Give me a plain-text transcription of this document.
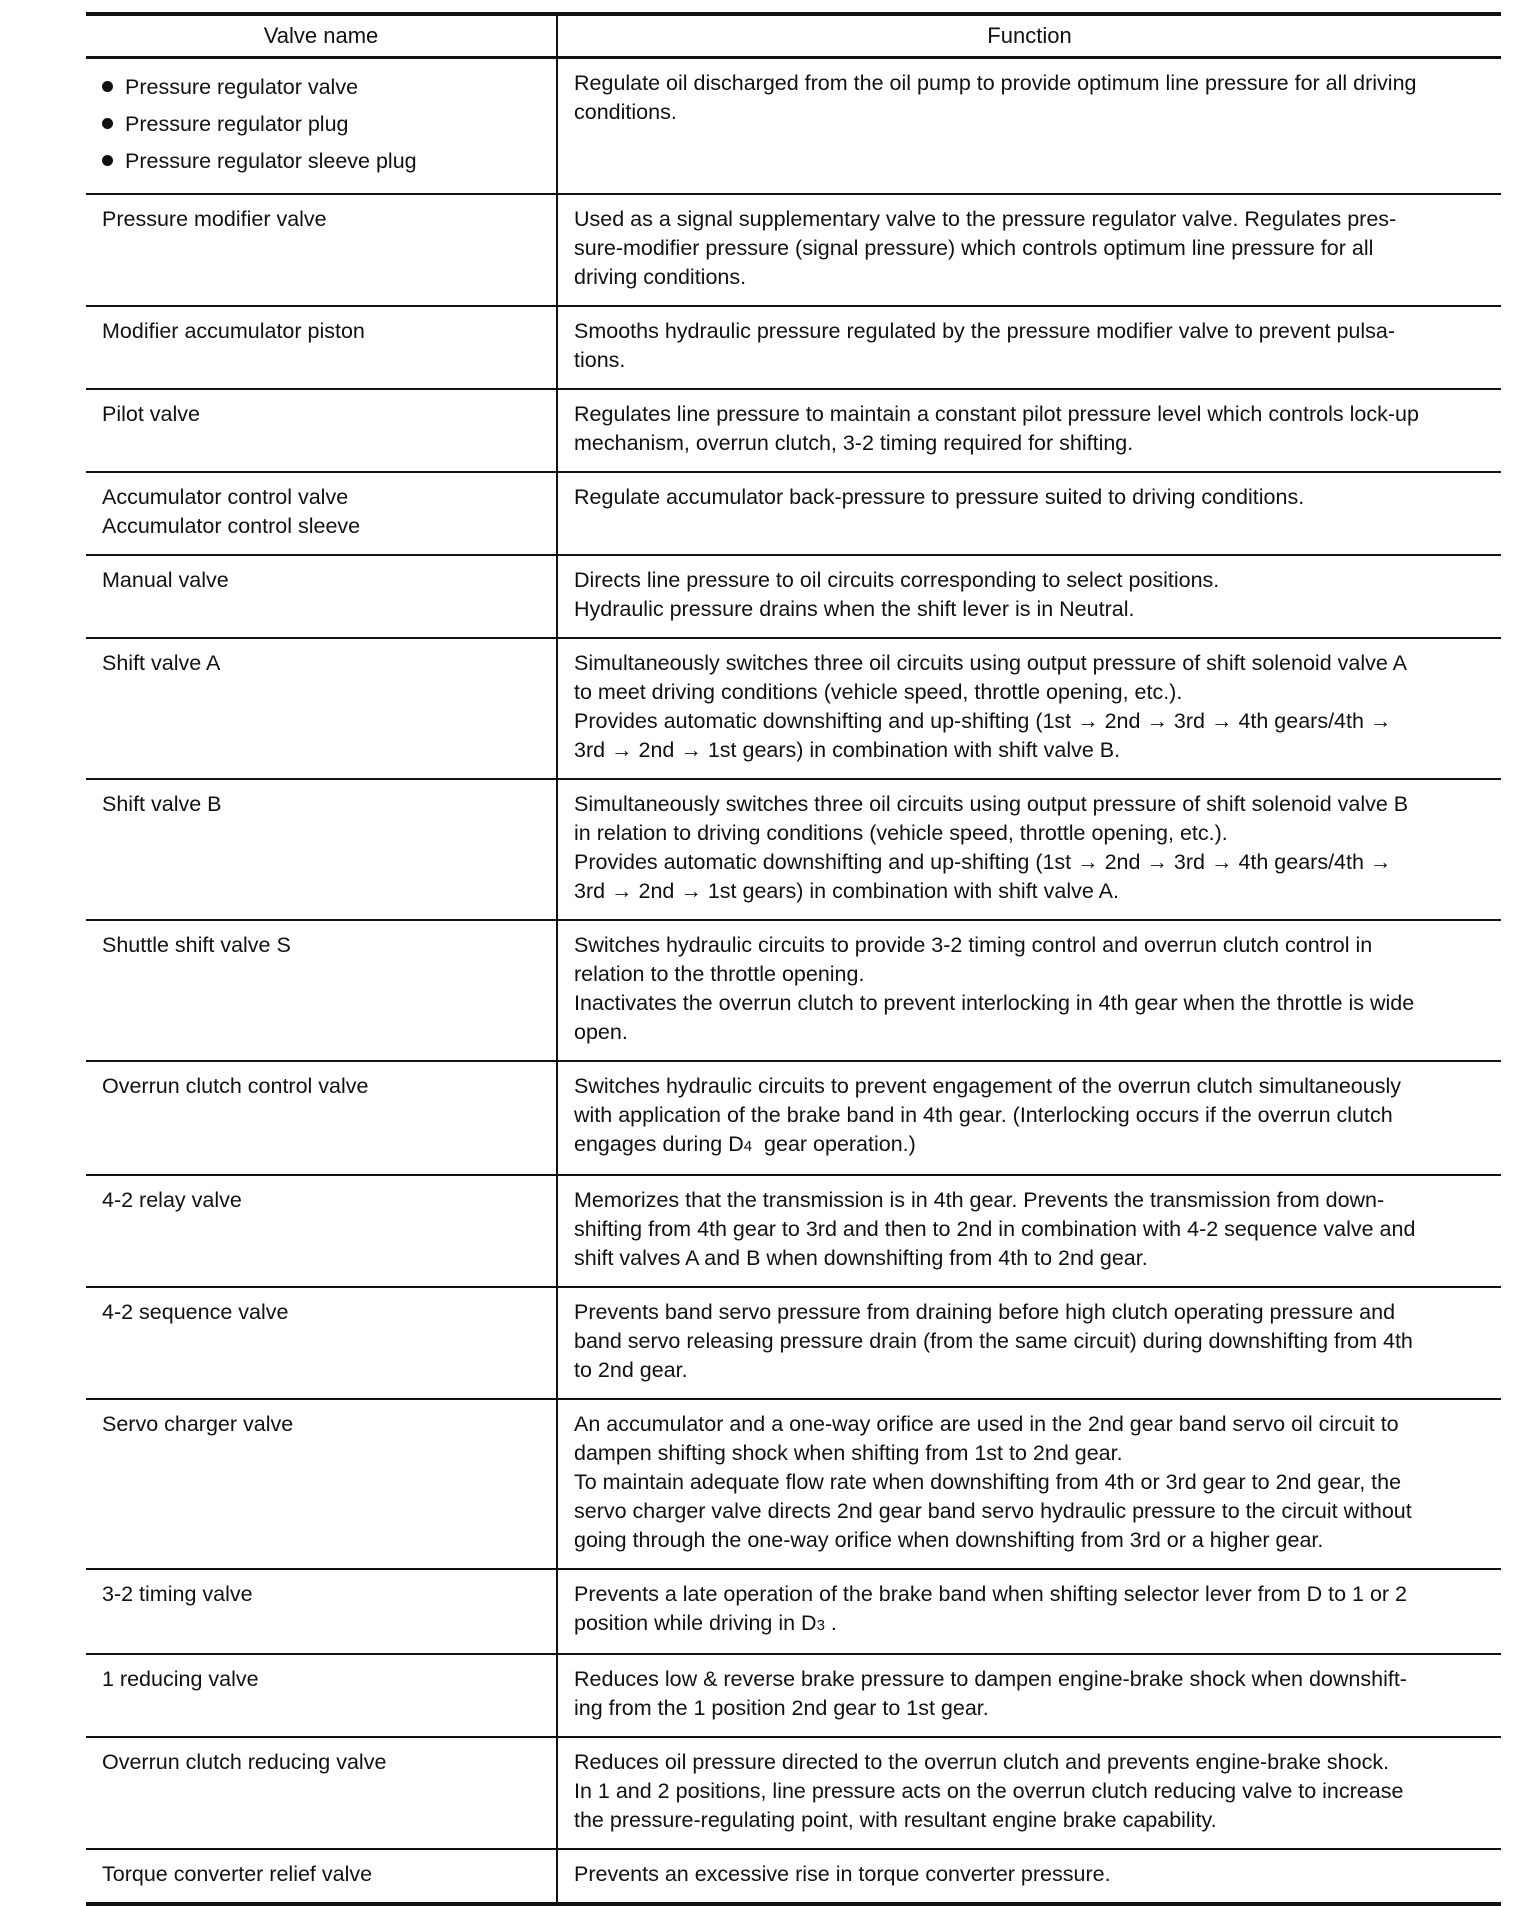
Valve name	Function

Pressure regulator valve
Pressure regulator plug
Pressure regulator sleeve plug	Regulate oil discharged from the oil pump to provide optimum line pressure for all driving
conditions.

Pressure modifier valve	Used as a signal supplementary valve to the pressure regulator valve. Regulates pres-
sure-modifier pressure (signal pressure) which controls optimum line pressure for all
driving conditions.

Modifier accumulator piston	Smooths hydraulic pressure regulated by the pressure modifier valve to prevent pulsa-
tions.

Pilot valve	Regulates line pressure to maintain a constant pilot pressure level which controls lock-up
mechanism, overrun clutch, 3-2 timing required for shifting.

Accumulator control valve
Accumulator control sleeve	Regulate accumulator back-pressure to pressure suited to driving conditions.

Manual valve	Directs line pressure to oil circuits corresponding to select positions.
Hydraulic pressure drains when the shift lever is in Neutral.

Shift valve A	Simultaneously switches three oil circuits using output pressure of shift solenoid valve A
to meet driving conditions (vehicle speed, throttle opening, etc.).
Provides automatic downshifting and up-shifting (1st → 2nd → 3rd → 4th gears/4th →
3rd → 2nd → 1st gears) in combination with shift valve B.

Shift valve B	Simultaneously switches three oil circuits using output pressure of shift solenoid valve B
in relation to driving conditions (vehicle speed, throttle opening, etc.).
Provides automatic downshifting and up-shifting (1st → 2nd → 3rd → 4th gears/4th →
3rd → 2nd → 1st gears) in combination with shift valve A.

Shuttle shift valve S	Switches hydraulic circuits to provide 3-2 timing control and overrun clutch control in
relation to the throttle opening.
Inactivates the overrun clutch to prevent interlocking in 4th gear when the throttle is wide
open.

Overrun clutch control valve	Switches hydraulic circuits to prevent engagement of the overrun clutch simultaneously
with application of the brake band in 4th gear. (Interlocking occurs if the overrun clutch
engages during D4  gear operation.)

4-2 relay valve	Memorizes that the transmission is in 4th gear. Prevents the transmission from down-
shifting from 4th gear to 3rd and then to 2nd in combination with 4-2 sequence valve and
shift valves A and B when downshifting from 4th to 2nd gear.

4-2 sequence valve	Prevents band servo pressure from draining before high clutch operating pressure and
band servo releasing pressure drain (from the same circuit) during downshifting from 4th
to 2nd gear.

Servo charger valve	An accumulator and a one-way orifice are used in the 2nd gear band servo oil circuit to
dampen shifting shock when shifting from 1st to 2nd gear.
To maintain adequate flow rate when downshifting from 4th or 3rd gear to 2nd gear, the
servo charger valve directs 2nd gear band servo hydraulic pressure to the circuit without
going through the one-way orifice when downshifting from 3rd or a higher gear.

3-2 timing valve	Prevents a late operation of the brake band when shifting selector lever from D to 1 or 2
position while driving in D3 .

1 reducing valve	Reduces low & reverse brake pressure to dampen engine-brake shock when downshift-
ing from the 1 position 2nd gear to 1st gear.

Overrun clutch reducing valve	Reduces oil pressure directed to the overrun clutch and prevents engine-brake shock.
In 1 and 2 positions, line pressure acts on the overrun clutch reducing valve to increase
the pressure-regulating point, with resultant engine brake capability.

Torque converter relief valve	Prevents an excessive rise in torque converter pressure.
